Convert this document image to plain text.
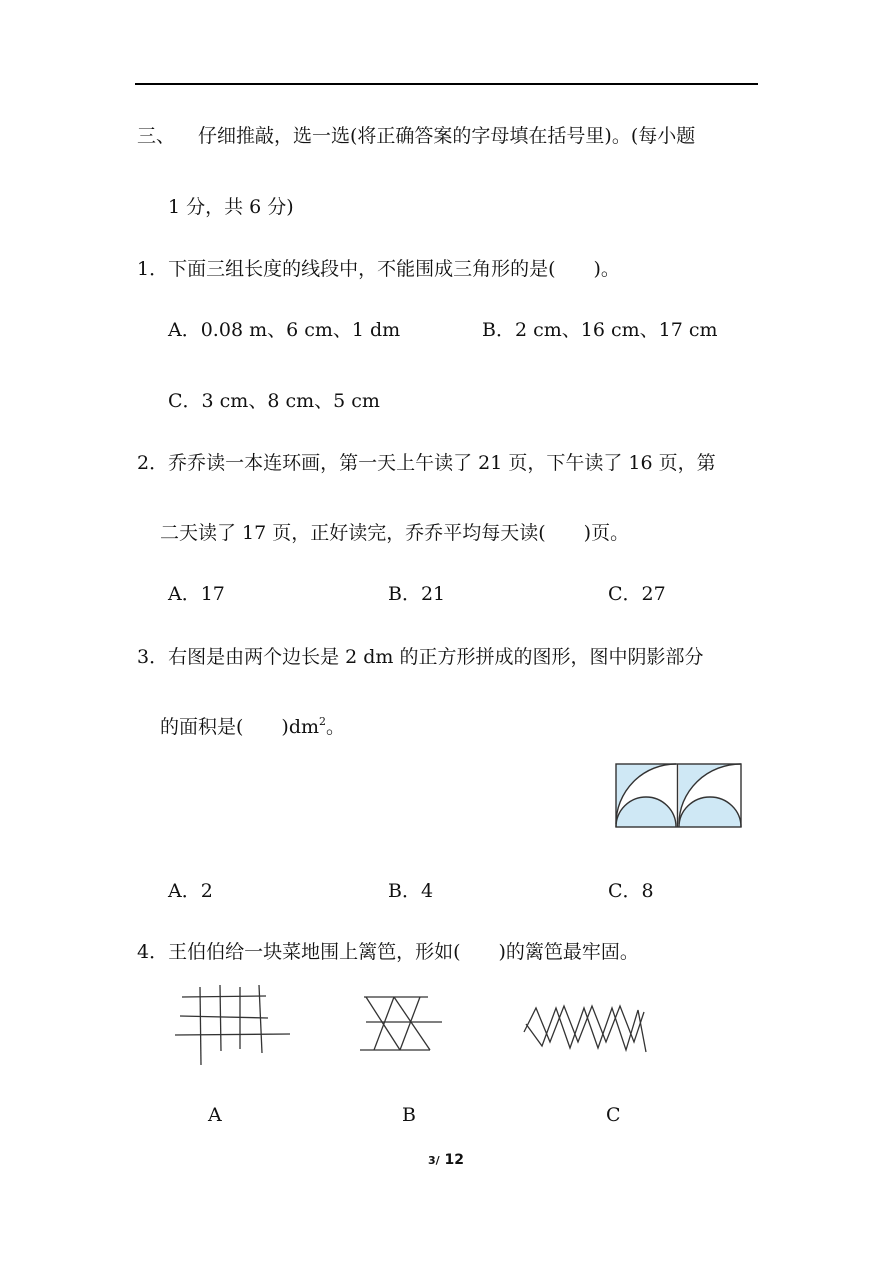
三、 仔细推敲，选一选(将正确答案的字母填在括号里)。(每小题
1 分，共 6 分)
1．下面三组长度的线段中，不能围成三角形的是(　　)。
A．0.08 m、6 cm、1 dm	B．2 cm、16 cm、17 cm
C．3 cm、8 cm、5 cm
2．乔乔读一本连环画，第一天上午读了 21 页，下午读了 16 页，第
二天读了 17 页，正好读完，乔乔平均每天读(　　)页。
A．17	B．21	C．27
3．右图是由两个边长是 2 dm 的正方形拼成的图形，图中阴影部分
的面积是(　　)$dm^2$。
A．2	B．4	C．8
4．王伯伯给一块菜地围上篱笆，形如(　　)的篱笆最牢固。
A	B	C
3/ 12
